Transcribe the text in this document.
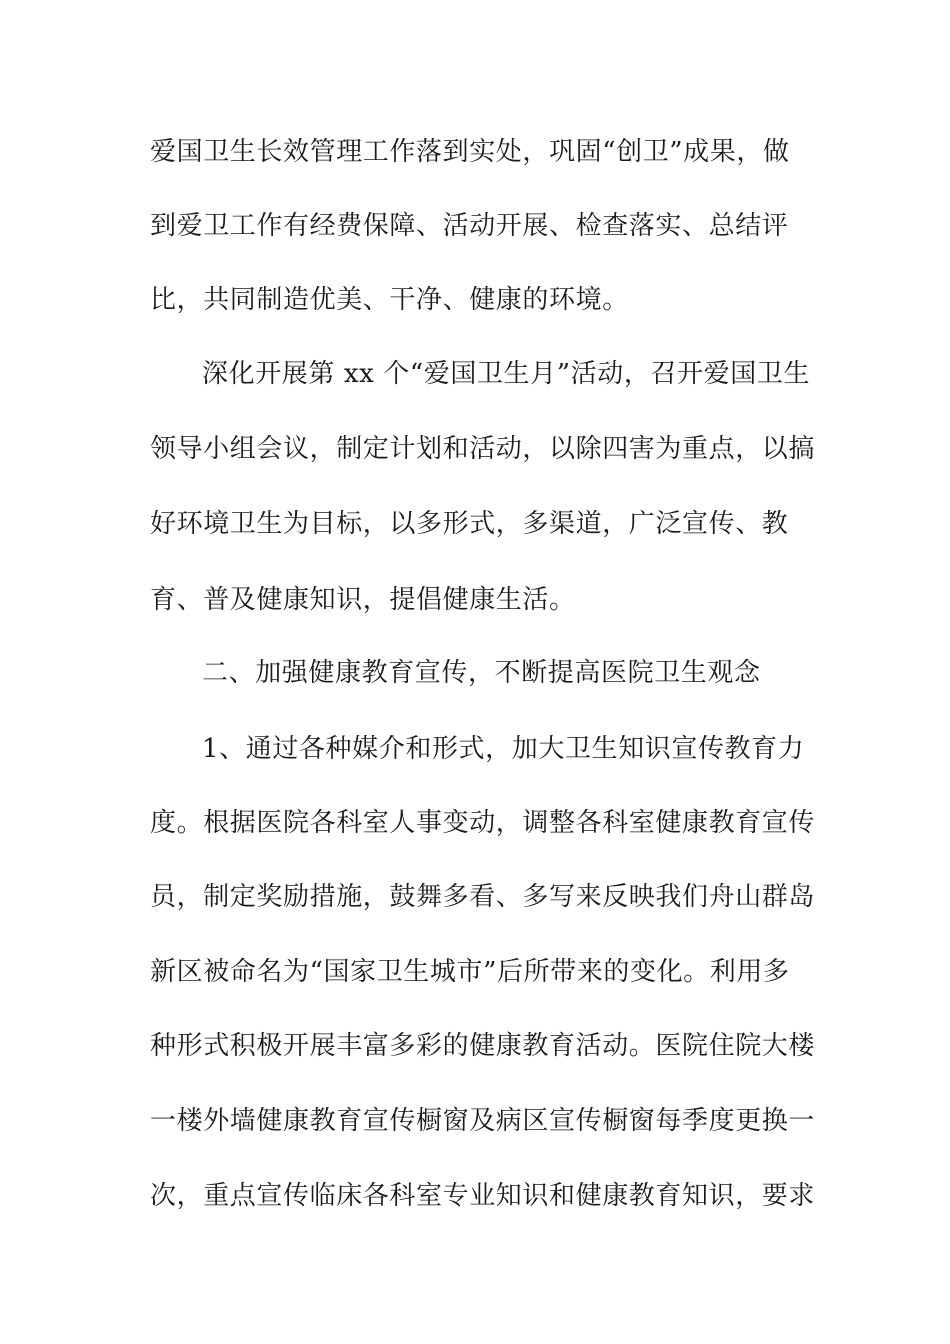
爱国卫生长效管理工作落到实处，巩固“创卫”成果，做
到爱卫工作有经费保障、活动开展、检查落实、总结评
比，共同制造优美、干净、健康的环境。
深化开展第 xx 个“爱国卫生月”活动，召开爱国卫生
领导小组会议，制定计划和活动，以除四害为重点，以搞
好环境卫生为目标，以多形式，多渠道，广泛宣传、教
育、普及健康知识，提倡健康生活。
二、加强健康教育宣传，不断提高医院卫生观念
1、通过各种媒介和形式，加大卫生知识宣传教育力
度。根据医院各科室人事变动，调整各科室健康教育宣传
员，制定奖励措施，鼓舞多看、多写来反映我们舟山群岛
新区被命名为“国家卫生城市”后所带来的变化。利用多
种形式积极开展丰富多彩的健康教育活动。医院住院大楼
一楼外墙健康教育宣传橱窗及病区宣传橱窗每季度更换一
次，重点宣传临床各科室专业知识和健康教育知识，要求
